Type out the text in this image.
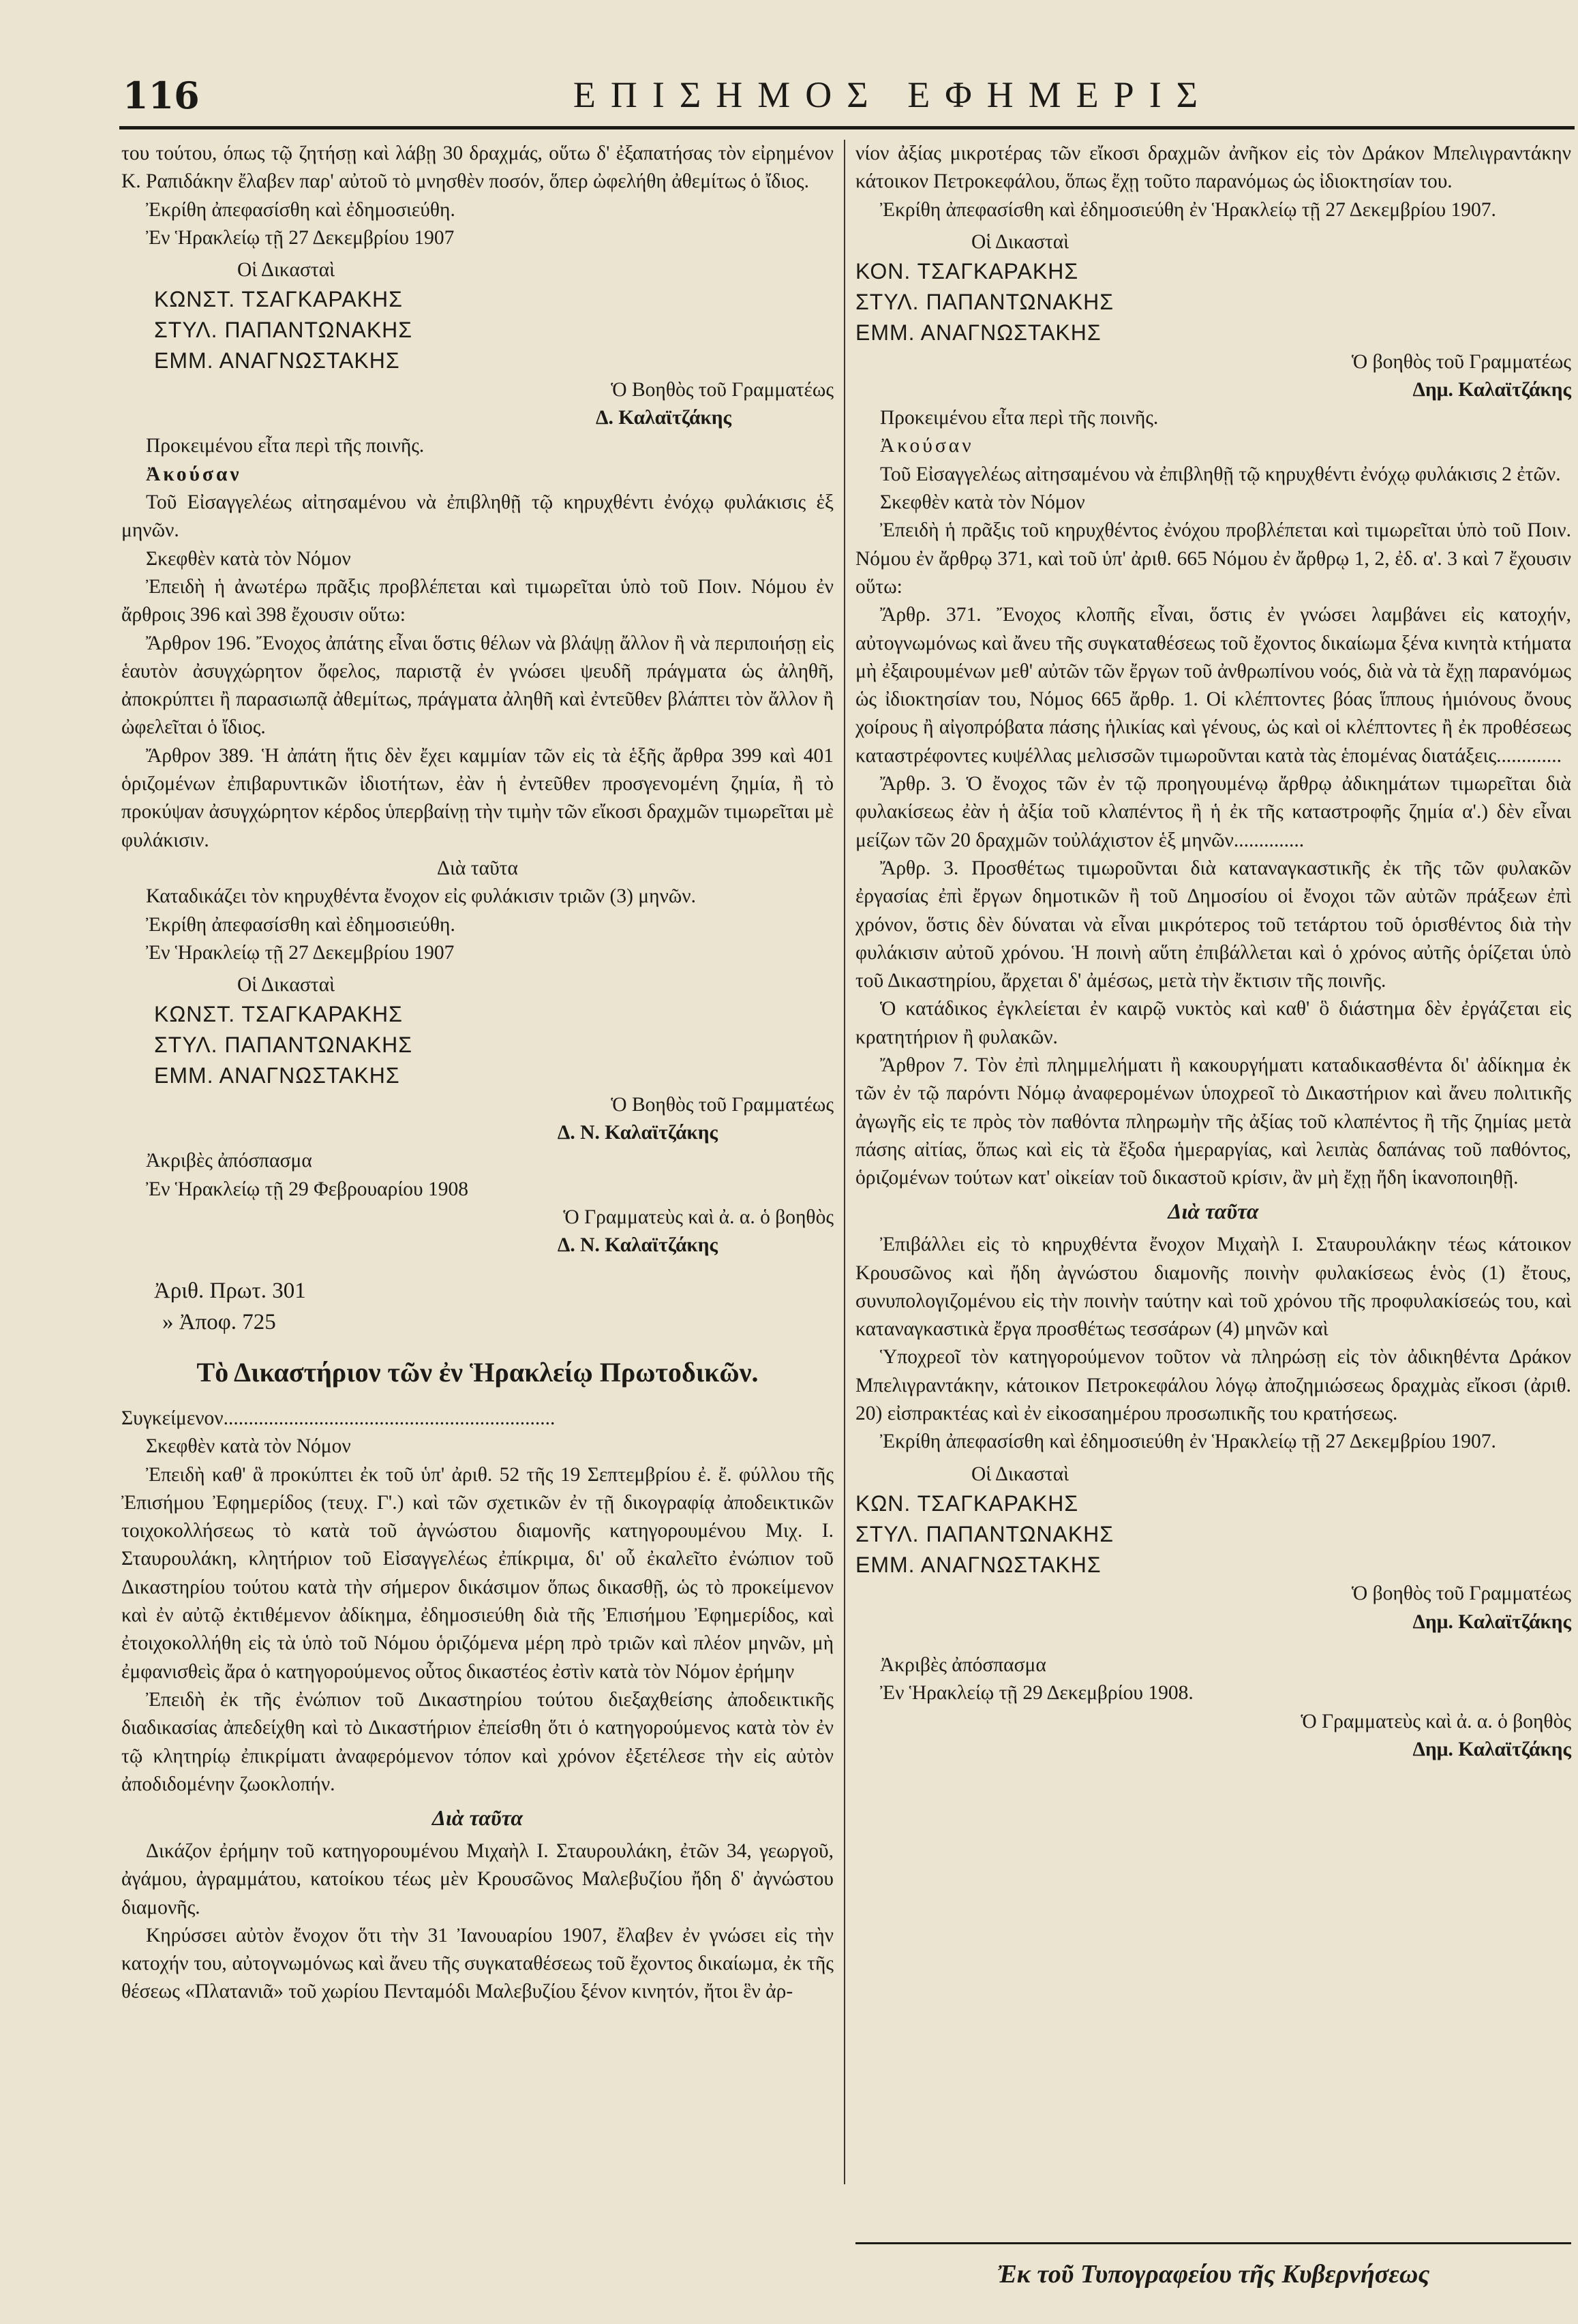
116	ΕΠΙΣΗΜΟΣ ΕΦΗΜΕΡΙΣ

του τούτου, όπως τῷ ζητήσῃ καὶ λάβῃ 30 δραχμάς, οὕτω δ' ἐξαπατήσας τὸν εἰρημένον Κ. Ραπιδάκην ἔλαβεν παρ' αὐτοῦ τὸ μνησθὲν ποσόν, ὅπερ ὠφελήθη ἀθεμίτως ὁ ἴδιος.

Ἐκρίθη ἀπεφασίσθη καὶ ἐδημοσιεύθη.

Ἐν Ἡρακλείῳ τῇ 27 Δεκεμβρίου 1907

Οἱ Δικασταὶ

ΚΩΝΣΤ. ΤΣΑΓΚΑΡΑΚΗΣ

ΣΤΥΛ. ΠΑΠΑΝΤΩΝΑΚΗΣ

ΕΜΜ. ΑΝΑΓΝΩΣΤΑΚΗΣ

Ὁ Βοηθὸς τοῦ Γραμματέως

Δ. Καλαϊτζάκης

Προκειμένου εἶτα περὶ τῆς ποινῆς.

Ἀκούσαν

Τοῦ Εἰσαγγελέως αἰτησαμένου νὰ ἐπιβληθῇ τῷ κηρυχθέντι ἐνόχῳ φυλάκισις ἑξ μηνῶν.

Σκεφθὲν κατὰ τὸν Νόμον

Ἐπειδὴ ἡ ἀνωτέρω πρᾶξις προβλέπεται καὶ τιμωρεῖται ὑπὸ τοῦ Ποιν. Νόμου ἐν ἄρθροις 396 καὶ 398 ἔχουσιν οὕτω:

Ἄρθρον 196. Ἔνοχος ἀπάτης εἶναι ὅστις θέλων νὰ βλάψῃ ἄλλον ἢ νὰ περιποιήσῃ εἰς ἑαυτὸν ἀσυγχώρητον ὄφελος, παριστᾷ ἐν γνώσει ψευδῆ πράγματα ὡς ἀληθῆ, ἀποκρύπτει ἢ παρασιωπᾷ ἀθεμίτως, πράγματα ἀληθῆ καὶ ἐντεῦθεν βλάπτει τὸν ἄλλον ἢ ὠφελεῖται ὁ ἴδιος.

Ἄρθρον 389. Ἡ ἀπάτη ἥτις δὲν ἔχει καμμίαν τῶν εἰς τὰ ἑξῆς ἄρθρα 399 καὶ 401 ὁριζομένων ἐπιβαρυντικῶν ἰδιοτήτων, ἐὰν ἡ ἐντεῦθεν προσγενομένη ζημία, ἢ τὸ προκύψαν ἀσυγχώρητον κέρδος ὑπερβαίνῃ τὴν τιμὴν τῶν εἴκοσι δραχμῶν τιμωρεῖται μὲ φυλάκισιν.

Διὰ ταῦτα

Καταδικάζει τὸν κηρυχθέντα ἔνοχον εἰς φυλάκισιν τριῶν (3) μηνῶν.

Ἐκρίθη ἀπεφασίσθη καὶ ἐδημοσιεύθη.

Ἐν Ἡρακλείῳ τῇ 27 Δεκεμβρίου 1907

Οἱ Δικασταὶ

ΚΩΝΣΤ. ΤΣΑΓΚΑΡΑΚΗΣ

ΣΤΥΛ. ΠΑΠΑΝΤΩΝΑΚΗΣ

ΕΜΜ. ΑΝΑΓΝΩΣΤΑΚΗΣ

Ὁ Βοηθὸς τοῦ Γραμματέως

Δ. Ν. Καλαϊτζάκης

Ἀκριβὲς ἀπόσπασμα

Ἐν Ἡρακλείῳ τῇ 29 Φεβρουαρίου 1908

Ὁ Γραμματεὺς καὶ ἀ. α. ὁ βοηθὸς

Δ. Ν. Καλαϊτζάκης

Ἀριθ. Πρωτ. 301

» Ἀποφ. 725

Τὸ Δικαστήριον τῶν ἐν Ἡρακλείῳ Πρωτοδικῶν.

Συγκείμενον..................................................................

Σκεφθὲν κατὰ τὸν Νόμον

Ἐπειδὴ καθ' ἃ προκύπτει ἐκ τοῦ ὑπ' ἀριθ. 52 τῆς 19 Σεπτεμβρίου ἐ. ἔ. φύλλου τῆς Ἐπισήμου Ἐφημερίδος (τευχ. Γ'.) καὶ τῶν σχετικῶν ἐν τῇ δικογραφίᾳ ἀποδεικτικῶν τοιχοκολλήσεως τὸ κατὰ τοῦ ἀγνώστου διαμονῆς κατηγορουμένου Μιχ. Ι. Σταυρουλάκη, κλητήριον τοῦ Εἰσαγγελέως ἐπίκριμα, δι' οὗ ἐκαλεῖτο ἐνώπιον τοῦ Δικαστηρίου τούτου κατὰ τὴν σήμερον δικάσιμον ὅπως δικασθῇ, ὡς τὸ προκείμενον καὶ ἐν αὐτῷ ἐκτιθέμενον ἀδίκημα, ἐδημοσιεύθη διὰ τῆς Ἐπισήμου Ἐφημερίδος, καὶ ἐτοιχοκολλήθη εἰς τὰ ὑπὸ τοῦ Νόμου ὁριζόμενα μέρη πρὸ τριῶν καὶ πλέον μηνῶν, μὴ ἐμφανισθεὶς ἄρα ὁ κατηγορούμενος οὗτος δικαστέος ἐστὶν κατὰ τὸν Νόμον ἐρήμην

Ἐπειδὴ ἐκ τῆς ἐνώπιον τοῦ Δικαστηρίου τούτου διεξαχθείσης ἀποδεικτικῆς διαδικασίας ἀπεδείχθη καὶ τὸ Δικαστήριον ἐπείσθη ὅτι ὁ κατηγορούμενος κατὰ τὸν ἐν τῷ κλητηρίῳ ἐπικρίματι ἀναφερόμενον τόπον καὶ χρόνον ἐξετέλεσε τὴν εἰς αὐτὸν ἀποδιδομένην ζωοκλοπήν.

Διὰ ταῦτα

Δικάζον ἐρήμην τοῦ κατηγορουμένου Μιχαὴλ Ι. Σταυρουλάκη, ἐτῶν 34, γεωργοῦ, ἀγάμου, ἀγραμμάτου, κατοίκου τέως μὲν Κρουσῶνος Μαλεβυζίου ἤδη δ' ἀγνώστου διαμονῆς.

Κηρύσσει αὐτὸν ἔνοχον ὅτι τὴν 31 Ἰανουαρίου 1907, ἔλαβεν ἐν γνώσει εἰς τὴν κατοχήν του, αὐτογνωμόνως καὶ ἄνευ τῆς συγκαταθέσεως τοῦ ἔχοντος δικαίωμα, ἐκ τῆς θέσεως «Πλατανιᾶ» τοῦ χωρίου Πενταμόδι Μαλεβυζίου ξένον κινητόν, ἤτοι ἓν ἀρ-

νίον ἀξίας μικροτέρας τῶν εἴκοσι δραχμῶν ἀνῆκον εἰς τὸν Δράκον Μπελιγραντάκην κάτοικον Πετροκεφάλου, ὅπως ἔχῃ τοῦτο παρανόμως ὡς ἰδιοκτησίαν του.

Ἐκρίθη ἀπεφασίσθη καὶ ἐδημοσιεύθη ἐν Ἡρακλείῳ τῇ 27 Δεκεμβρίου 1907.

Οἱ Δικασταὶ

ΚΟΝ. ΤΣΑΓΚΑΡΑΚΗΣ

ΣΤΥΛ. ΠΑΠΑΝΤΩΝΑΚΗΣ

ΕΜΜ. ΑΝΑΓΝΩΣΤΑΚΗΣ

Ὁ βοηθὸς τοῦ Γραμματέως

Δημ. Καλαϊτζάκης

Προκειμένου εἶτα περὶ τῆς ποινῆς.

Ἀκούσαν

Τοῦ Εἰσαγγελέως αἰτησαμένου νὰ ἐπιβληθῇ τῷ κηρυχθέντι ἐνόχῳ φυλάκισις 2 ἐτῶν.

Σκεφθὲν κατὰ τὸν Νόμον

Ἐπειδὴ ἡ πρᾶξις τοῦ κηρυχθέντος ἐνόχου προβλέπεται καὶ τιμωρεῖται ὑπὸ τοῦ Ποιν. Νόμου ἐν ἄρθρῳ 371, καὶ τοῦ ὑπ' ἀριθ. 665 Νόμου ἐν ἄρθρῳ 1, 2, ἐδ. α'. 3 καὶ 7 ἔχουσιν οὕτω:

Ἄρθρ. 371. Ἔνοχος κλοπῆς εἶναι, ὅστις ἐν γνώσει λαμβάνει εἰς κατοχήν, αὐτογνωμόνως καὶ ἄνευ τῆς συγκαταθέσεως τοῦ ἔχοντος δικαίωμα ξένα κινητὰ κτήματα μὴ ἐξαιρουμένων μεθ' αὐτῶν τῶν ἔργων τοῦ ἀνθρωπίνου νοός, διὰ νὰ τὰ ἔχῃ παρανόμως ὡς ἰδιοκτησίαν του, Νόμος 665 ἄρθρ. 1. Οἱ κλέπτοντες βόας ἵππους ἡμιόνους ὄνους χοίρους ἢ αἰγοπρόβατα πάσης ἡλικίας καὶ γένους, ὡς καὶ οἱ κλέπτοντες ἢ ἐκ προθέσεως καταστρέφοντες κυψέλλας μελισσῶν τιμωροῦνται κατὰ τὰς ἑπομένας διατάξεις.............

Ἄρθρ. 3. Ὁ ἔνοχος τῶν ἐν τῷ προηγουμένῳ ἄρθρῳ ἀδικημάτων τιμωρεῖται διὰ φυλακίσεως ἐὰν ἡ ἀξία τοῦ κλαπέντος ἢ ἡ ἐκ τῆς καταστροφῆς ζημία α'.) δὲν εἶναι μείζων τῶν 20 δραχμῶν τοὐλάχιστον ἑξ μηνῶν..............

Ἄρθρ. 3. Προσθέτως τιμωροῦνται διὰ καταναγκαστικῆς ἐκ τῆς τῶν φυλακῶν ἐργασίας ἐπὶ ἔργων δημοτικῶν ἢ τοῦ Δημοσίου οἱ ἔνοχοι τῶν αὐτῶν πράξεων ἐπὶ χρόνον, ὅστις δὲν δύναται νὰ εἶναι μικρότερος τοῦ τετάρτου τοῦ ὁρισθέντος διὰ τὴν φυλάκισιν αὐτοῦ χρόνου. Ἡ ποινὴ αὕτη ἐπιβάλλεται καὶ ὁ χρόνος αὐτῆς ὁρίζεται ὑπὸ τοῦ Δικαστηρίου, ἄρχεται δ' ἀμέσως, μετὰ τὴν ἔκτισιν τῆς ποινῆς.

Ὁ κατάδικος ἐγκλείεται ἐν καιρῷ νυκτὸς καὶ καθ' ὃ διάστημα δὲν ἐργάζεται εἰς κρατητήριον ἢ φυλακῶν.

Ἄρθρον 7. Τὸν ἐπὶ πλημμελήματι ἢ κακουργήματι καταδικασθέντα δι' ἀδίκημα ἐκ τῶν ἐν τῷ παρόντι Νόμῳ ἀναφερομένων ὑποχρεοῖ τὸ Δικαστήριον καὶ ἄνευ πολιτικῆς ἀγωγῆς εἰς τε πρὸς τὸν παθόντα πληρωμὴν τῆς ἀξίας τοῦ κλαπέντος ἢ τῆς ζημίας μετὰ πάσης αἰτίας, ὅπως καὶ εἰς τὰ ἔξοδα ἡμεραργίας, καὶ λειπὰς δαπάνας τοῦ παθόντος, ὁριζομένων τούτων κατ' οἰκείαν τοῦ δικαστοῦ κρίσιν, ἂν μὴ ἔχῃ ἤδη ἱκανοποιηθῇ.

Διὰ ταῦτα

Ἐπιβάλλει εἰς τὸ κηρυχθέντα ἔνοχον Μιχαὴλ Ι. Σταυρουλάκην τέως κάτοικον Κρουσῶνος καὶ ἤδη ἀγνώστου διαμονῆς ποινὴν φυλακίσεως ἑνὸς (1) ἔτους, συνυπολογιζομένου εἰς τὴν ποινὴν ταύτην καὶ τοῦ χρόνου τῆς προφυλακίσεώς του, καὶ καταναγκαστικὰ ἔργα προσθέτως τεσσάρων (4) μηνῶν καὶ

Ὑποχρεοῖ τὸν κατηγορούμενον τοῦτον νὰ πληρώσῃ εἰς τὸν ἀδικηθέντα Δράκον Μπελιγραντάκην, κάτοικον Πετροκεφάλου λόγῳ ἀποζημιώσεως δραχμὰς εἴκοσι (ἀριθ. 20) εἰσπρακτέας καὶ ἐν εἰκοσαημέρου προσωπικῆς του κρατήσεως.

Ἐκρίθη ἀπεφασίσθη καὶ ἐδημοσιεύθη ἐν Ἡρακλείῳ τῇ 27 Δεκεμβρίου 1907.

Οἱ Δικασταὶ

ΚΩΝ. ΤΣΑΓΚΑΡΑΚΗΣ

ΣΤΥΛ. ΠΑΠΑΝΤΩΝΑΚΗΣ

ΕΜΜ. ΑΝΑΓΝΩΣΤΑΚΗΣ

Ὁ βοηθὸς τοῦ Γραμματέως

Δημ. Καλαϊτζάκης

Ἀκριβὲς ἀπόσπασμα

Ἐν Ἡρακλείῳ τῇ 29 Δεκεμβρίου 1908.

Ὁ Γραμματεὺς καὶ ἀ. α. ὁ βοηθὸς

Δημ. Καλαϊτζάκης

Ἐκ τοῦ Τυπογραφείου τῆς Κυβερνήσεως
